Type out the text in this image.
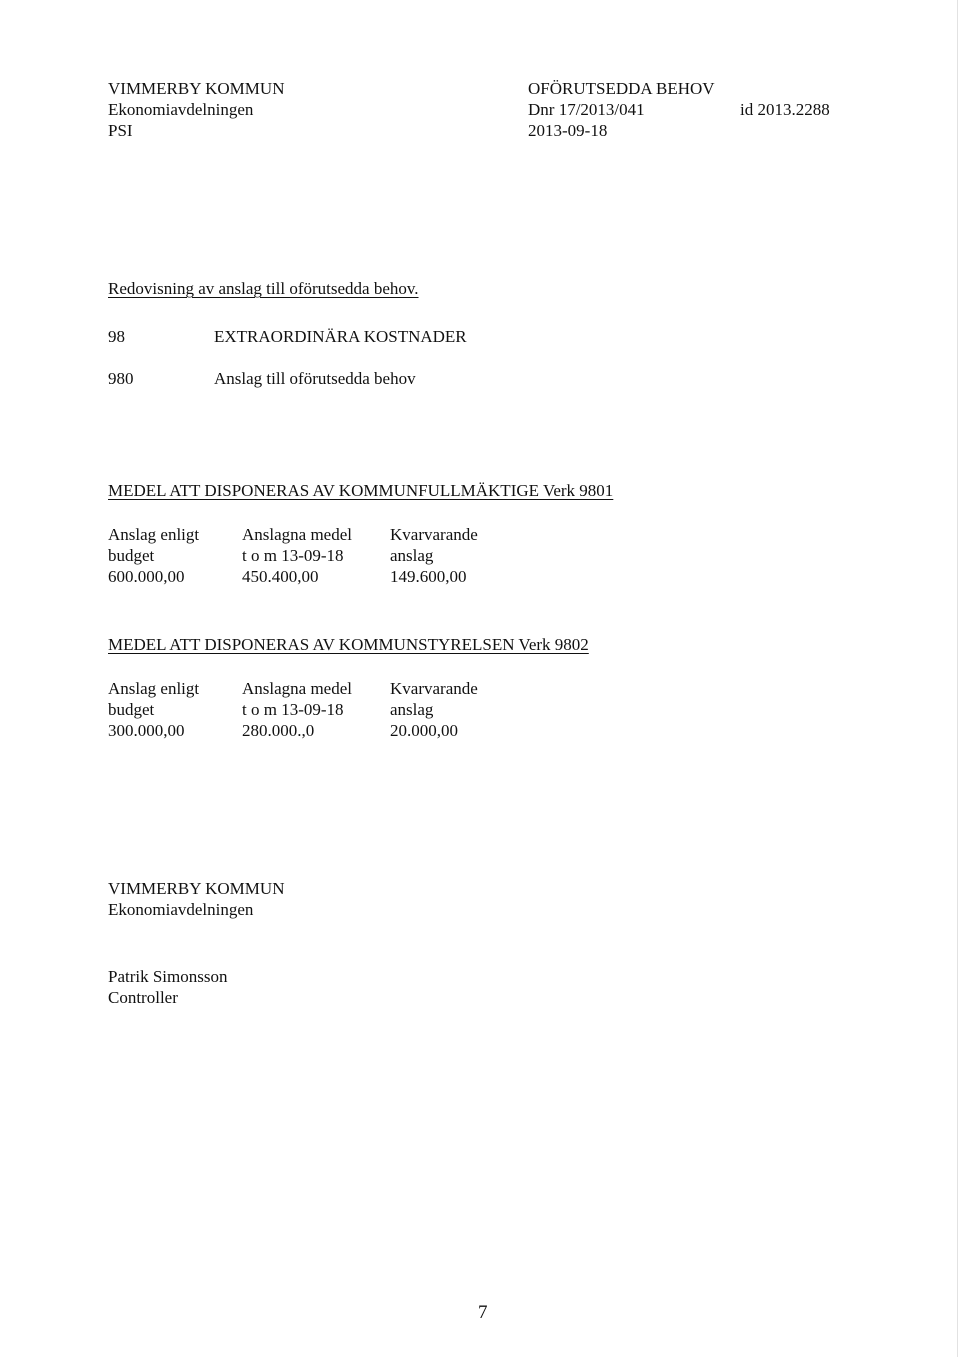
VIMMERBY KOMMUN
Ekonomiavdelningen
PSI
OFÖRUTSEDDA BEHOV
Dnr 17/2013/041
2013-09-18
id 2013.2288
Redovisning av anslag till oförutsedda behov.
98	EXTRAORDINÄRA KOSTNADER
980	Anslag till oförutsedda behov
MEDEL ATT DISPONERAS AV KOMMUNFULLMÄKTIGE Verk 9801
Anslag enligt
budget
600.000,00
Anslagna medel
t o m 13-09-18
450.400,00
Kvarvarande
anslag
149.600,00
MEDEL ATT DISPONERAS AV KOMMUNSTYRELSEN Verk 9802
Anslag enligt
budget
300.000,00
Anslagna medel
t o m 13-09-18
280.000.,0
Kvarvarande
anslag
20.000,00
VIMMERBY KOMMUN
Ekonomiavdelningen
Patrik Simonsson
Controller
7
